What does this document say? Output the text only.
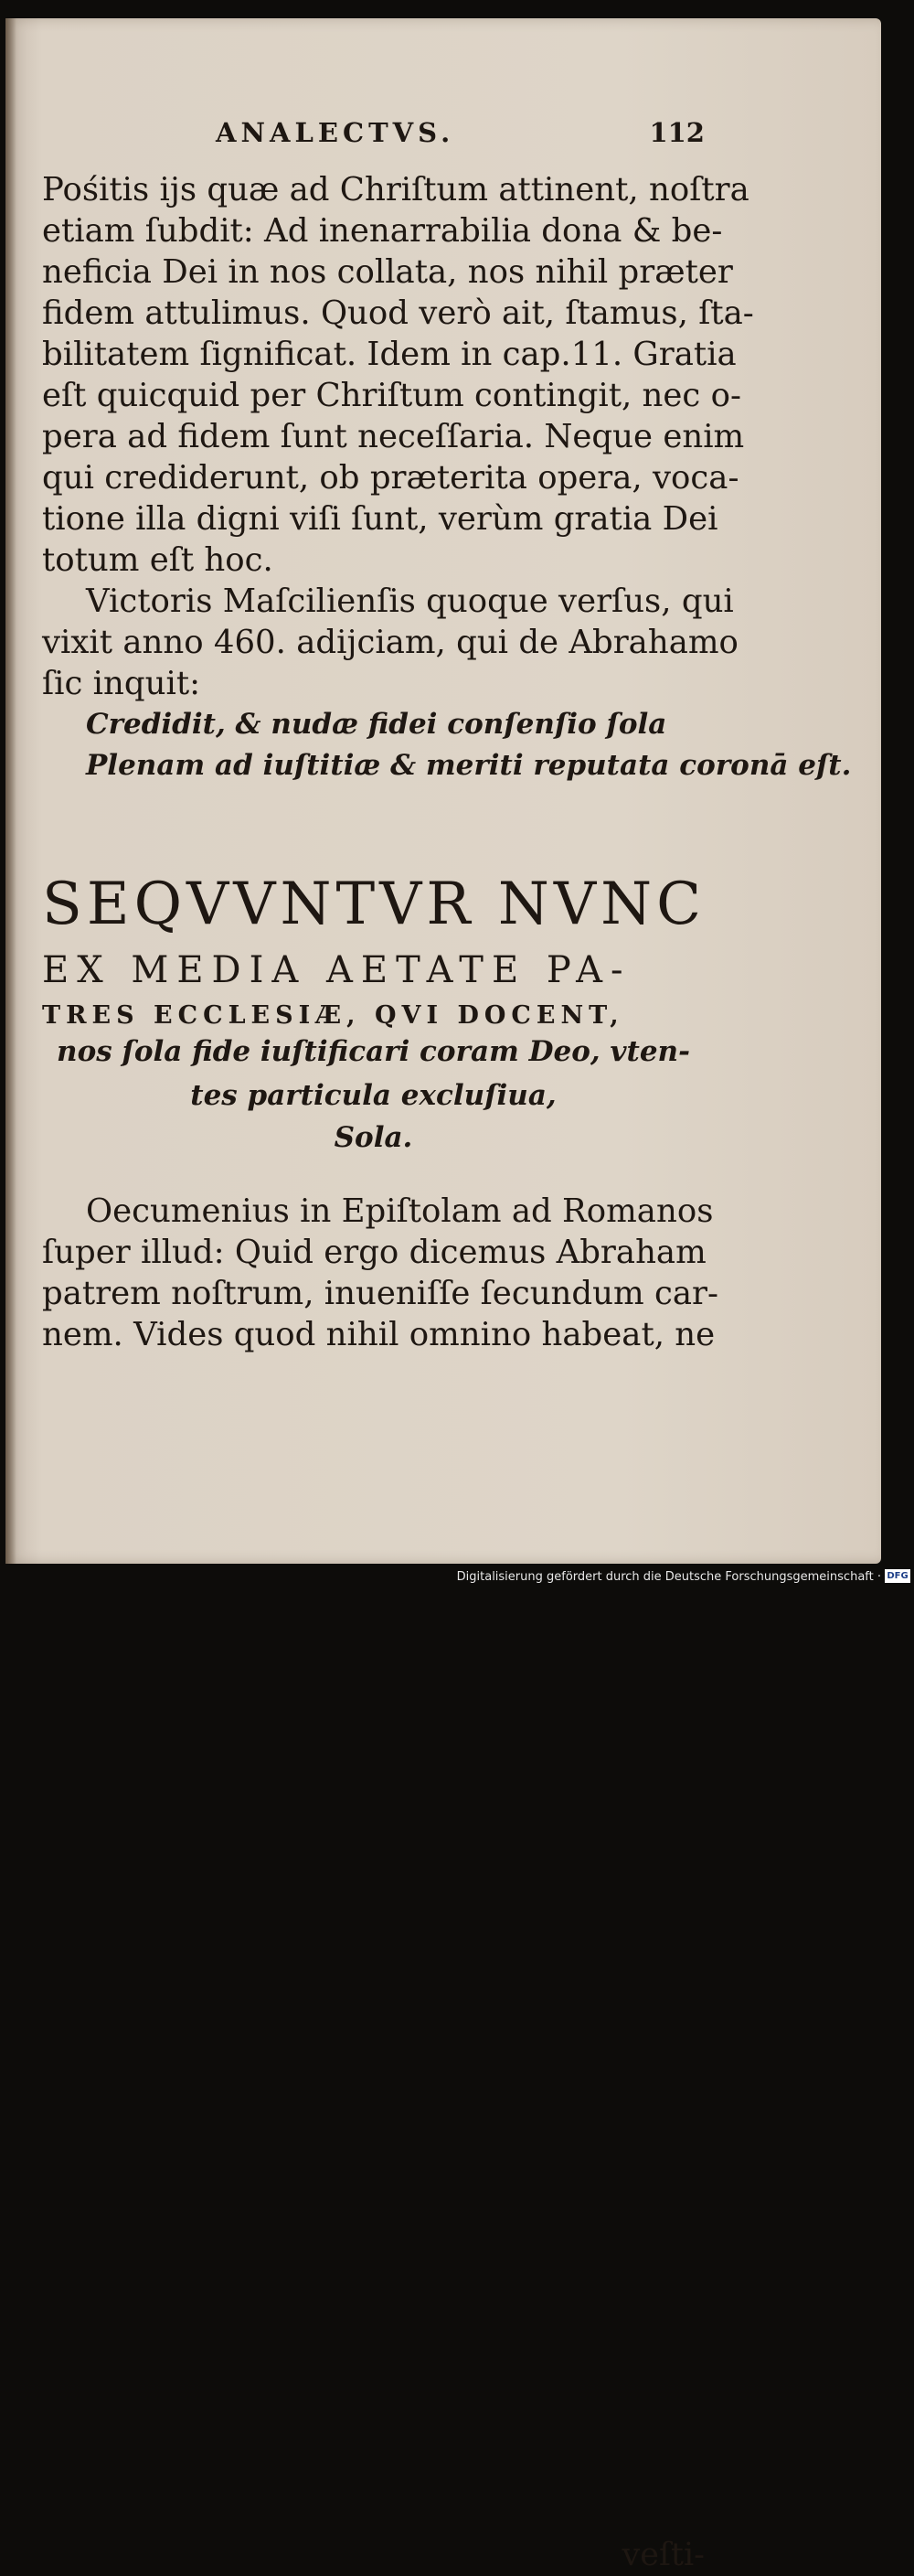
ANALECTVS.	112
Pośitis ijs quæ ad Chriſtum attinent, noſtra
etiam ſubdit: Ad inenarrabilia dona & be-
neficia Dei in nos collata, nos nihil præter
fidem attulimus. Quod verò ait, ſtamus, ſta-
bilitatem ſignificat. Idem in cap.11. Gratia
eſt quicquid per Chriſtum contingit, nec o-
pera ad fidem ſunt neceſſaria. Neque enim
qui crediderunt, ob præterita opera, voca-
tione illa digni viſi ſunt, verùm gratia Dei
totum eſt hoc.
Victoris Maſcilienſis quoque verſus, qui
vixit anno 460. adijciam, qui de Abrahamo
ſic inquit:
Credidit, & nudæ fidei conſenſio ſola
Plenam ad iuſtitiæ & meriti reputata coronā eſt.
SEQVVNTVR NVNC
EX MEDIA AETATE PA-
TRES ECCLESIÆ, QVI DOCENT,
nos ſola fide iuſtificari coram Deo, vten-
tes particula excluſiua,
Sola.
Oecumenius in Epiſtolam ad Romanos
ſuper illud: Quid ergo dicemus Abraham
patrem noſtrum, inueniſſe ſecundum car-
nem. Vides quod nihil omnino habeat, ne
veſti-
Digitalisierung gefördert durch die Deutsche Forschungsgemeinschaft · DFG
